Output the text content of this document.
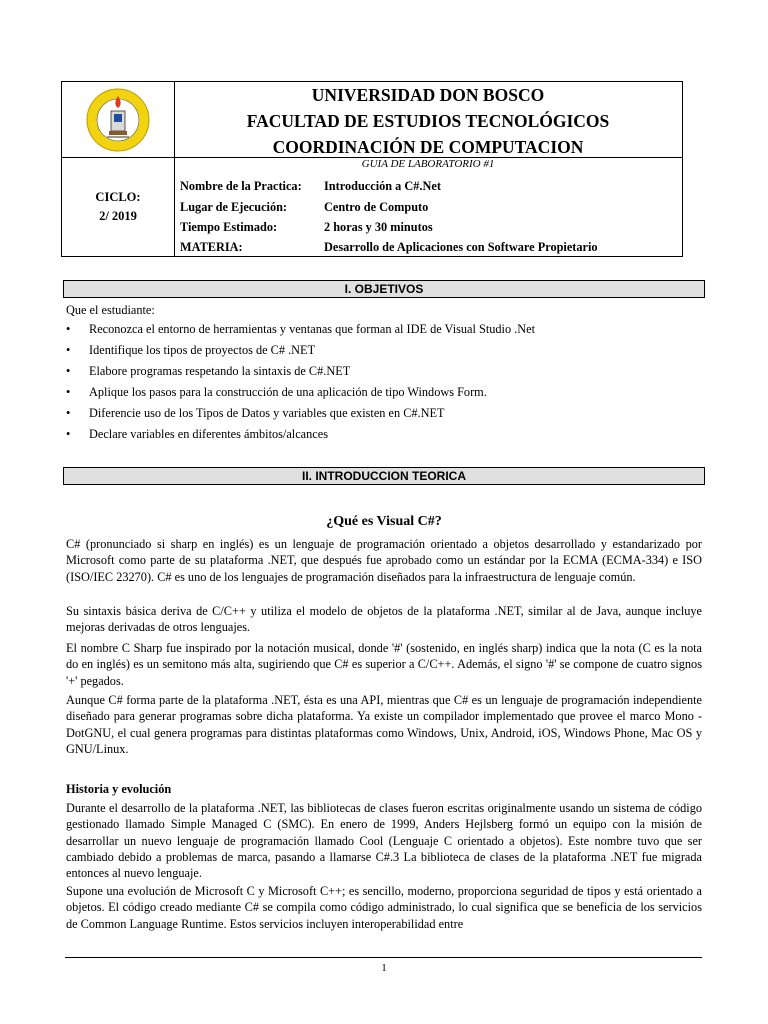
UNIVERSIDAD DON BOSCO
FACULTAD DE ESTUDIOS TECNOLÓGICOS
COORDINACIÓN DE COMPUTACION
CICLO:
2/ 2019
GUIA DE LABORATORIO #1
Nombre de la Practica:	Introducción a C#.Net
Lugar de Ejecución:	Centro de Computo
Tiempo Estimado:	2 horas y 30 minutos
MATERIA:	Desarrollo de Aplicaciones con Software Propietario
I. OBJETIVOS
Que el estudiante:
• Reconozca el entorno de herramientas y ventanas que forman al IDE de Visual Studio .Net
• Identifique los tipos de proyectos de C# .NET
• Elabore programas respetando la sintaxis de C#.NET
• Aplique los pasos para la construcción de una aplicación de tipo Windows Form.
• Diferencie uso de los Tipos de Datos y variables que existen en C#.NET
• Declare variables en diferentes ámbitos/alcances
II. INTRODUCCION TEORICA
¿Qué es Visual C#?
C# (pronunciado si sharp en inglés) es un lenguaje de programación orientado a objetos desarrollado y estandarizado por Microsoft como parte de su plataforma .NET, que después fue aprobado como un estándar por la ECMA (ECMA-334) e ISO (ISO/IEC 23270). C# es uno de los lenguajes de programación diseñados para la infraestructura de lenguaje común.
Su sintaxis básica deriva de C/C++ y utiliza el modelo de objetos de la plataforma .NET, similar al de Java, aunque incluye mejoras derivadas de otros lenguajes.
El nombre C Sharp fue inspirado por la notación musical, donde '#' (sostenido, en inglés sharp) indica que la nota (C es la nota do en inglés) es un semitono más alta, sugiriendo que C# es superior a C/C++. Además, el signo '#' se compone de cuatro signos '+' pegados.
Aunque C# forma parte de la plataforma .NET, ésta es una API, mientras que C# es un lenguaje de programación independiente diseñado para generar programas sobre dicha plataforma. Ya existe un compilador implementado que provee el marco Mono - DotGNU, el cual genera programas para distintas plataformas como Windows, Unix, Android, iOS, Windows Phone, Mac OS y GNU/Linux.
Historia y evolución
Durante el desarrollo de la plataforma .NET, las bibliotecas de clases fueron escritas originalmente usando un sistema de código gestionado llamado Simple Managed C (SMC). En enero de 1999, Anders Hejlsberg formó un equipo con la misión de desarrollar un nuevo lenguaje de programación llamado Cool (Lenguaje C orientado a objetos). Este nombre tuvo que ser cambiado debido a problemas de marca, pasando a llamarse C#.3 La biblioteca de clases de la plataforma .NET fue migrada entonces al nuevo lenguaje.
Supone una evolución de Microsoft C y Microsoft C++; es sencillo, moderno, proporciona seguridad de tipos y está orientado a objetos. El código creado mediante C# se compila como código administrado, lo cual significa que se beneficia de los servicios de Common Language Runtime. Estos servicios incluyen interoperabilidad entre
1
